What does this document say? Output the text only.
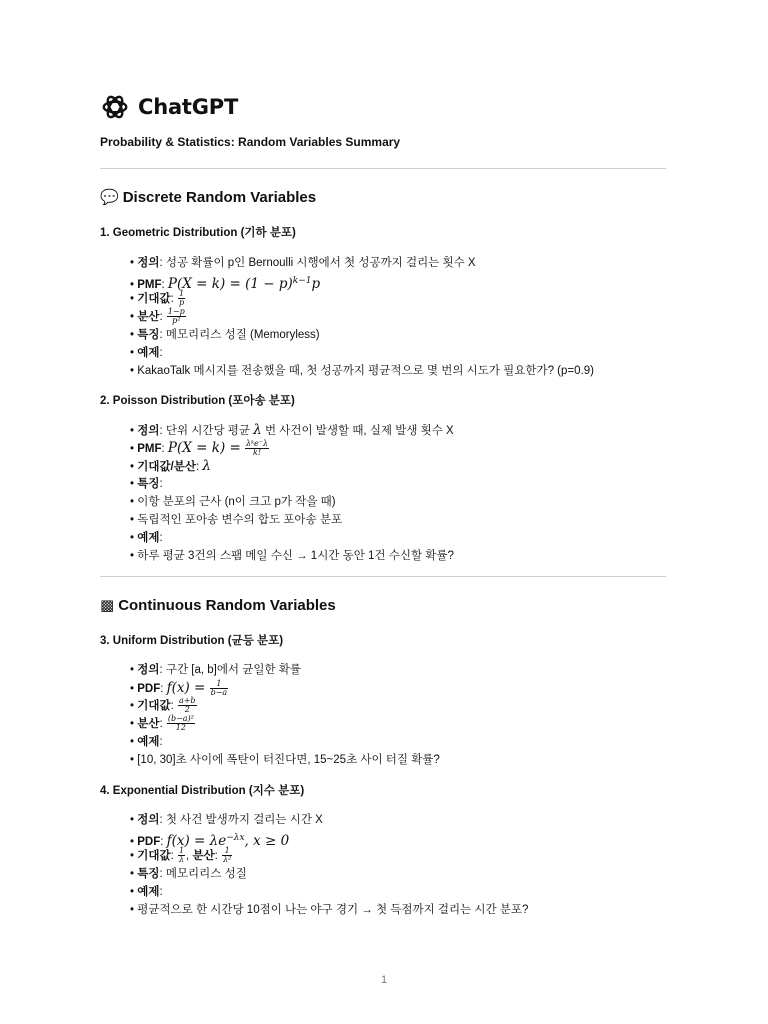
ChatGPT
Probability & Statistics: Random Variables Summary
💬 Discrete Random Variables
1. Geometric Distribution (기하 분포)
• 정의: 성공 확률이 p인 Bernoulli 시행에서 첫 성공까지 걸리는 횟수 X
• PMF: $P(X = k) = (1 - p)^{k-1}p$
• 기대값: $\frac{1}{p}$
• 분산: $\frac{1-p}{\text{p²}}$
• 특징: 메모리리스 성질 (Memoryless)
• 예제:
• KakaoTalk 메시지를 전송했을 때, 첫 성공까지 평균적으로 몇 번의 시도가 필요한가? (p=0.9)
2. Poisson Distribution (포아송 분포)
• 정의: 단위 시간당 평균 λ 번 사건이 발생할 때, 실제 발생 횟수 X
• PMF: $P(X = k) = \frac{\text{λᵏe⁻λ}}{k!}$
• 기대값/분산: λ
• 특징:
• 이항 분포의 근사 (n이 크고 p가 작을 때)
• 독립적인 포아송 변수의 합도 포아송 분포
• 예제:
• 하루 평균 3건의 스팸 메일 수신 → 1시간 동안 1건 수신할 확률?
▩ Continuous Random Variables
3. Uniform Distribution (균등 분포)
• 정의: 구간 [a, b]에서 균일한 확률
• PDF: $f(x) = \frac{1}{b-a}$
• 기대값: $\frac{a+b}{2}$
• 분산: $\frac{\text{(b−a)²}}{12}$
• 예제:
• [10, 30]초 사이에 폭탄이 터진다면, 15~25초 사이 터질 확률?
4. Exponential Distribution (지수 분포)
• 정의: 첫 사건 발생까지 걸리는 시간 X
• PDF: $f(x) = \lambda e^{-\lambda x}$, x ≥ 0
• 기대값: $\frac{1}{\lambda}$ , 분산: $\frac{1}{\text{λ²}}$
• 특징: 메모리리스 성질
• 예제:
• 평균적으로 한 시간당 10점이 나는 야구 경기 → 첫 득점까지 걸리는 시간 분포?
1
